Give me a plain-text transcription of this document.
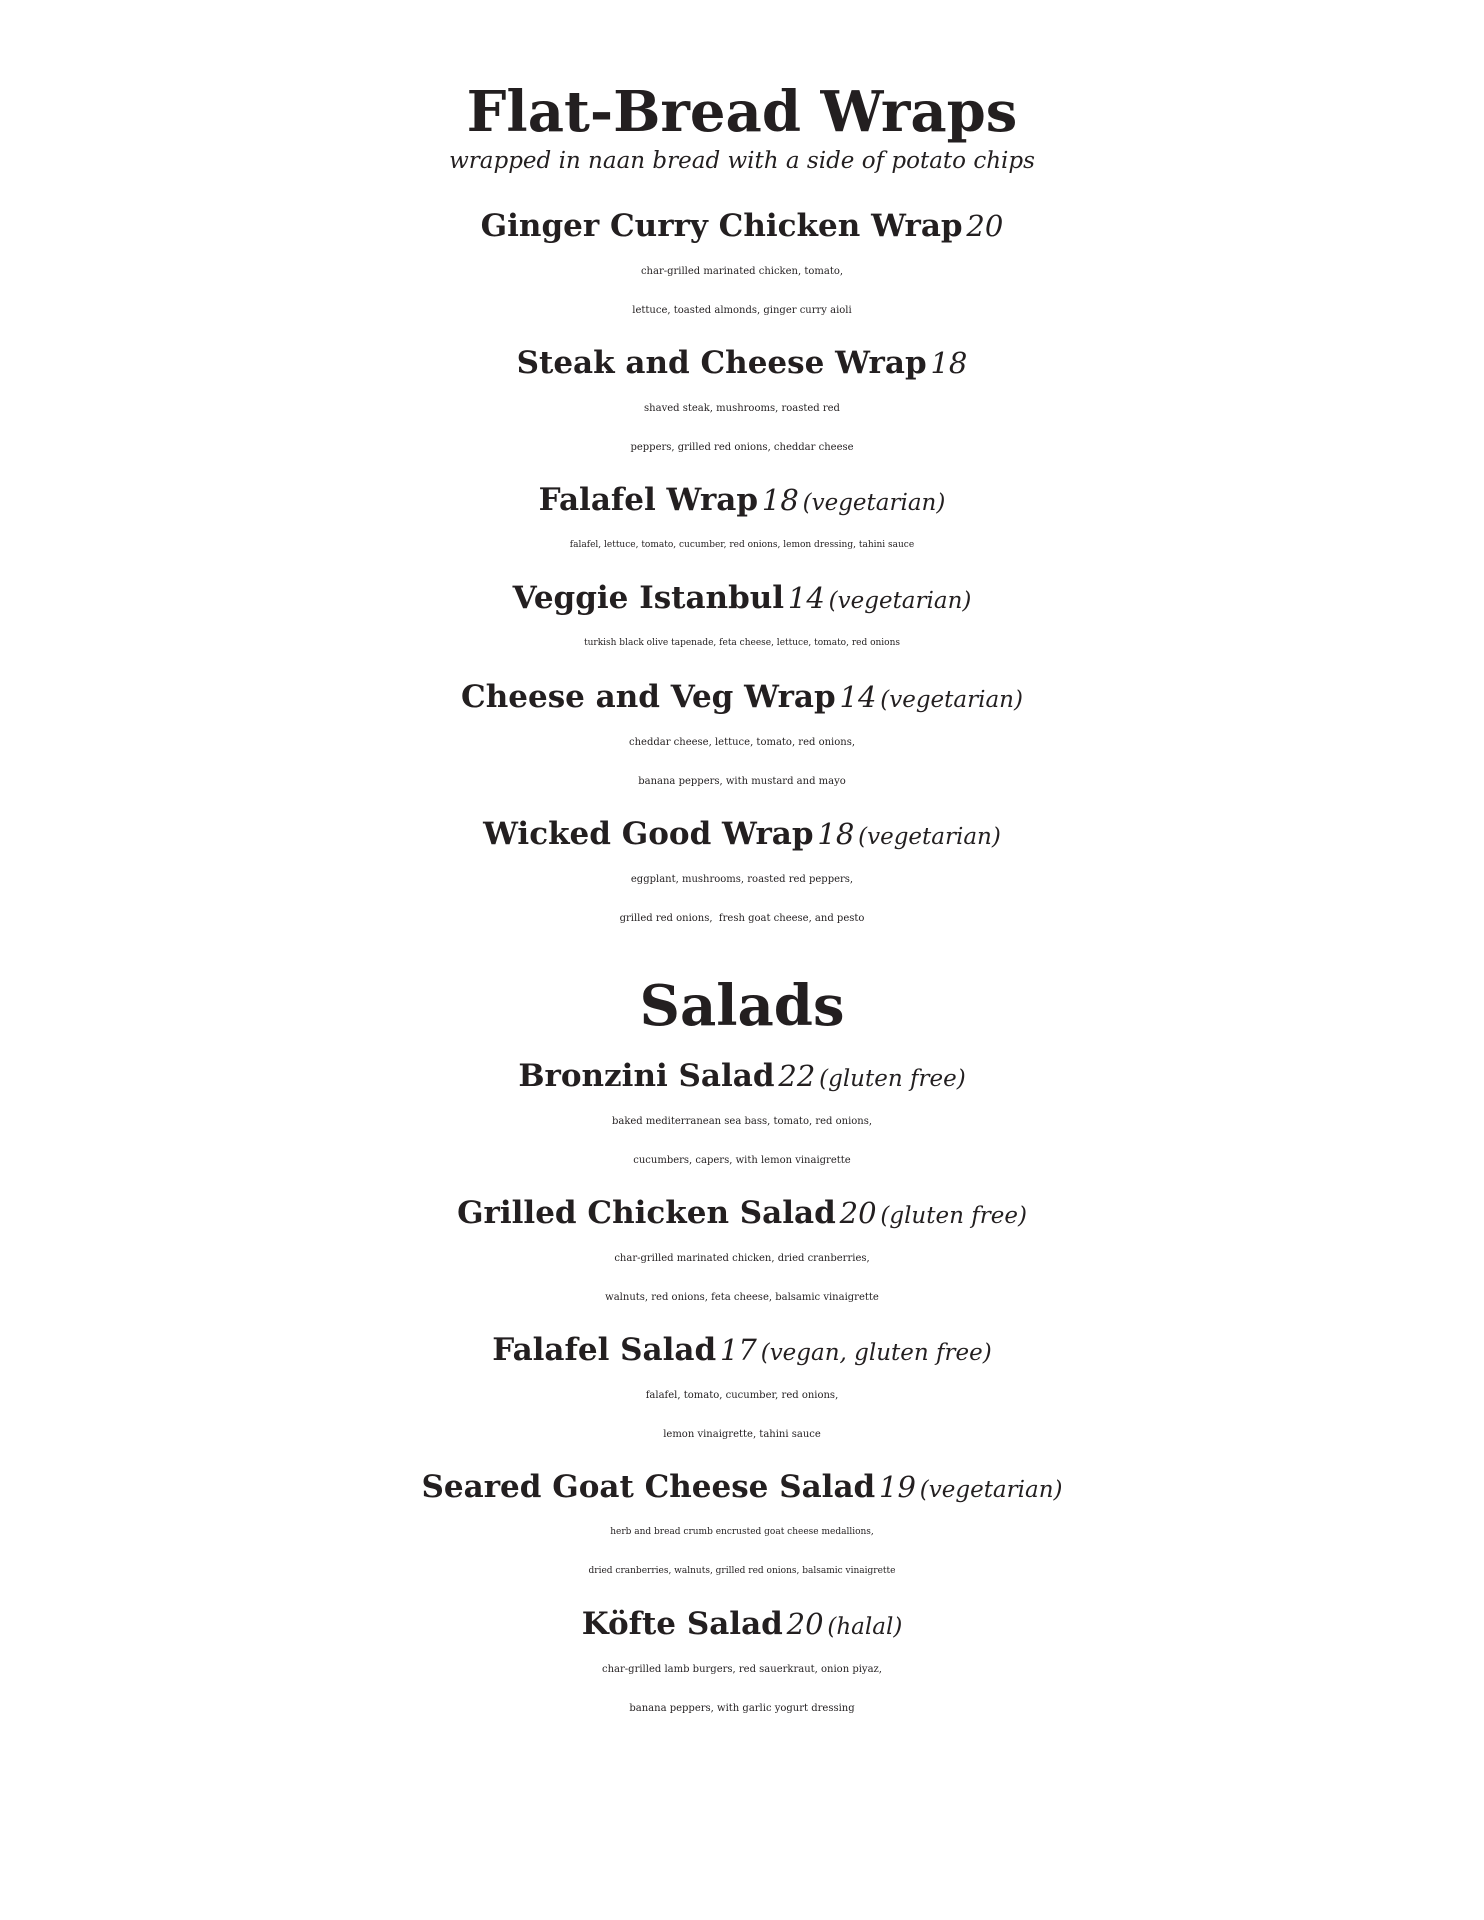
Flat-Bread Wraps

wrapped in naan bread with a side of potato chips

Ginger Curry Chicken Wrap 20
char-grilled marinated chicken, tomato,
lettuce, toasted almonds, ginger curry aioli
Steak and Cheese Wrap 18
shaved steak, mushrooms, roasted red
peppers, grilled red onions, cheddar cheese
Falafel Wrap 18 (vegetarian)
falafel, lettuce, tomato, cucumber, red onions, lemon dressing, tahini sauce
Veggie Istanbul 14 (vegetarian)
turkish black olive tapenade, feta cheese, lettuce, tomato, red onions
Cheese and Veg Wrap 14 (vegetarian)
cheddar cheese, lettuce, tomato, red onions,
banana peppers, with mustard and mayo
Wicked Good Wrap 18 (vegetarian)
eggplant, mushrooms, roasted red peppers,
grilled red onions,  fresh goat cheese, and pesto
Salads
Bronzini Salad 22 (gluten free)
baked mediterranean sea bass, tomato, red onions,
cucumbers, capers, with lemon vinaigrette
Grilled Chicken Salad 20 (gluten free)
char-grilled marinated chicken, dried cranberries,
walnuts, red onions, feta cheese, balsamic vinaigrette
Falafel Salad 17 (vegan, gluten free)
falafel, tomato, cucumber, red onions,
lemon vinaigrette, tahini sauce
Seared Goat Cheese Salad 19 (vegetarian)
herb and bread crumb encrusted goat cheese medallions,
dried cranberries, walnuts, grilled red onions, balsamic vinaigrette
Köfte Salad 20 (halal)
char-grilled lamb burgers, red sauerkraut, onion piyaz,
banana peppers, with garlic yogurt dressing
